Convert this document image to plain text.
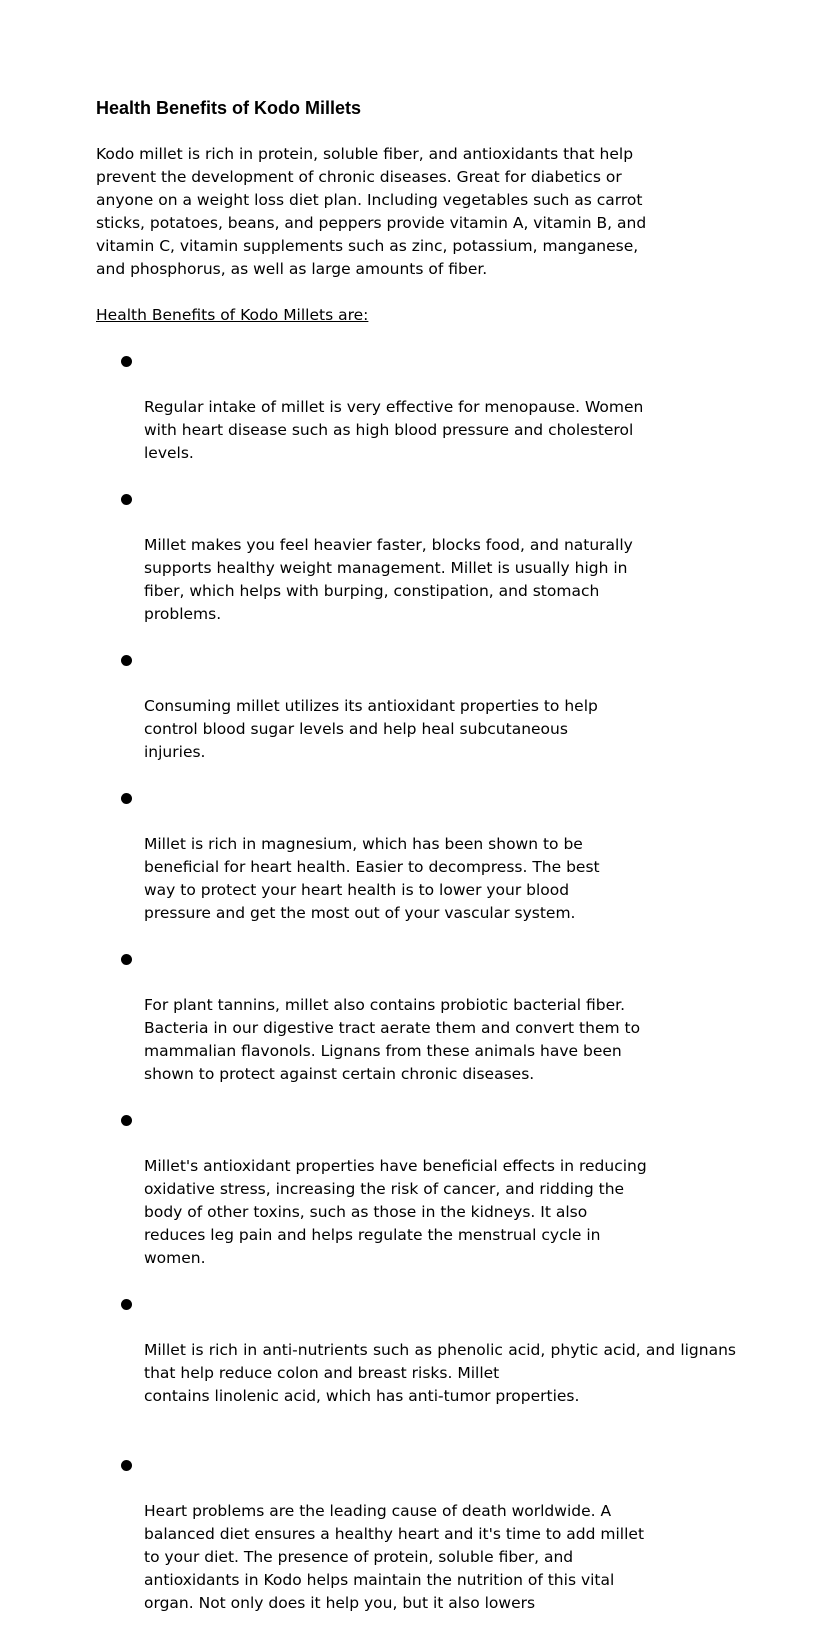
Health Benefits of Kodo Millets

Kodo millet is rich in protein, soluble fiber, and antioxidants that help
prevent the development of chronic diseases. Great for diabetics or
anyone on a weight loss diet plan. Including vegetables such as carrot
sticks, potatoes, beans, and peppers provide vitamin A, vitamin B, and
vitamin C, vitamin supplements such as zinc, potassium, manganese,
and phosphorus, as well as large amounts of fiber.

Health Benefits of Kodo Millets are:

Regular intake of millet is very effective for menopause. Women
with heart disease such as high blood pressure and cholesterol
levels.

Millet makes you feel heavier faster, blocks food, and naturally
supports healthy weight management. Millet is usually high in
fiber, which helps with burping, constipation, and stomach
problems.

Consuming millet utilizes its antioxidant properties to help
control blood sugar levels and help heal subcutaneous
injuries.

Millet is rich in magnesium, which has been shown to be
beneficial for heart health. Easier to decompress. The best
way to protect your heart health is to lower your blood
pressure and get the most out of your vascular system.

For plant tannins, millet also contains probiotic bacterial fiber.
Bacteria in our digestive tract aerate them and convert them to
mammalian flavonols. Lignans from these animals have been
shown to protect against certain chronic diseases.

Millet's antioxidant properties have beneficial effects in reducing
oxidative stress, increasing the risk of cancer, and ridding the
body of other toxins, such as those in the kidneys. It also
reduces leg pain and helps regulate the menstrual cycle in
women.

Millet is rich in anti-nutrients such as phenolic acid, phytic acid, and lignans that help reduce colon and breast risks. Millet
contains linolenic acid, which has anti-tumor properties.

Heart problems are the leading cause of death worldwide. A
balanced diet ensures a healthy heart and it's time to add millet
to your diet. The presence of protein, soluble fiber, and
antioxidants in Kodo helps maintain the nutrition of this vital
organ. Not only does it help you, but it also lowers
